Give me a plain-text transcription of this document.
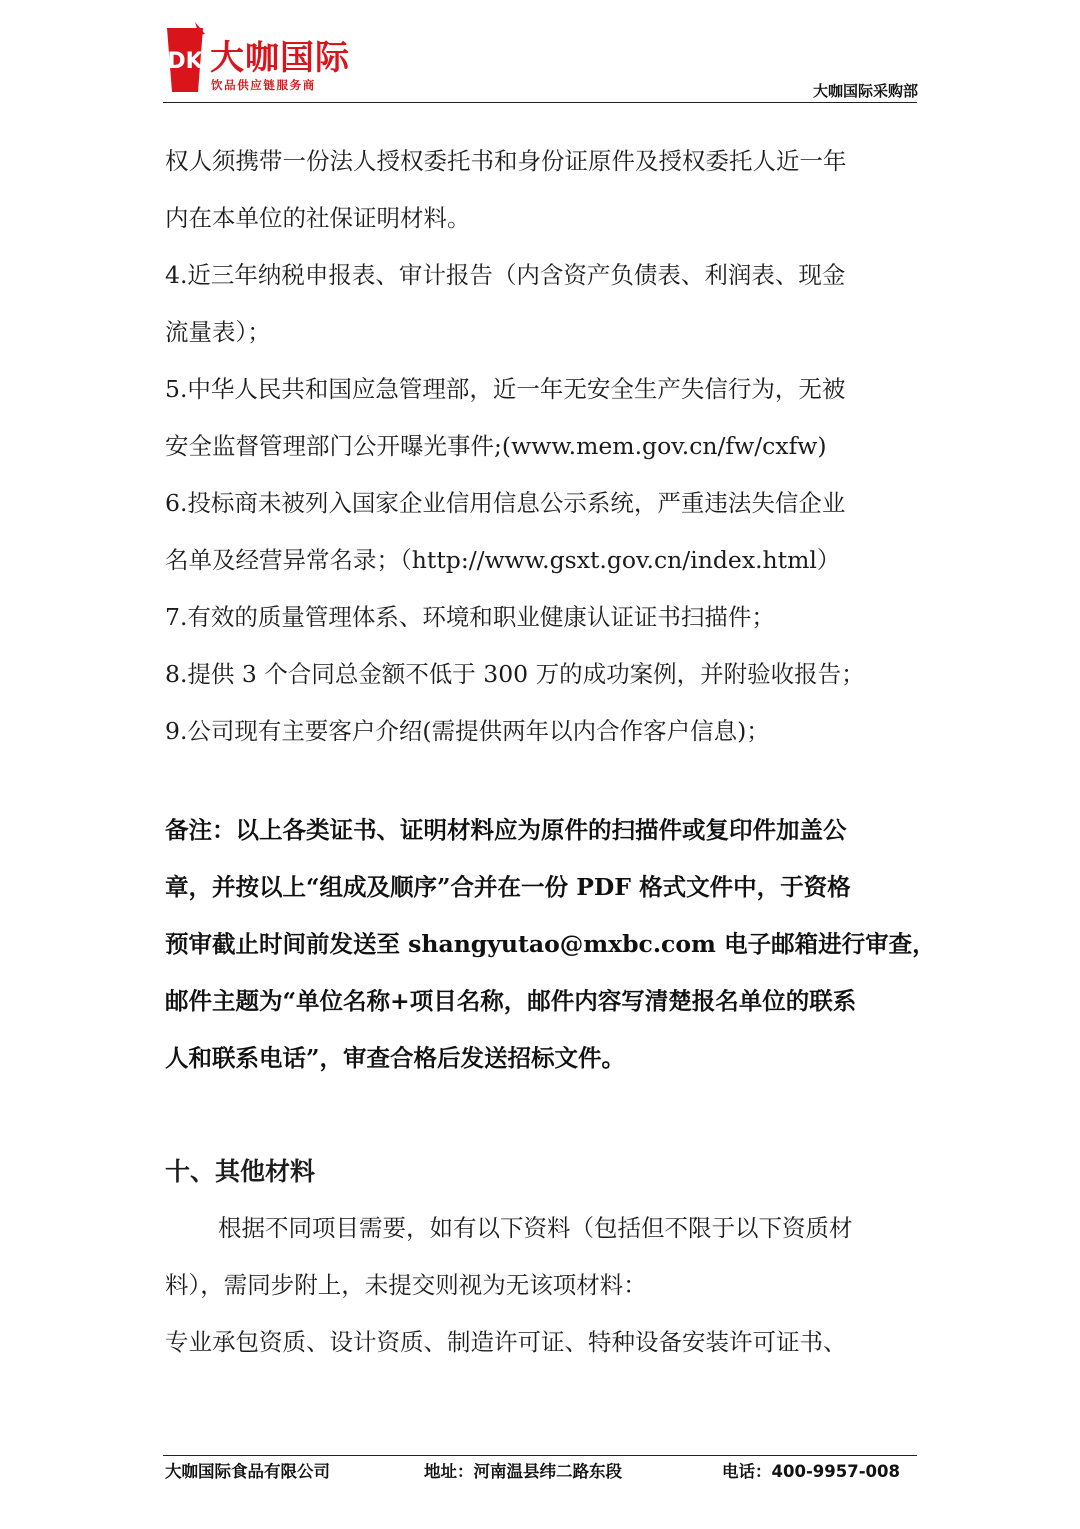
DK 大咖国际
饮品供应链服务商	大咖国际采购部
权人须携带一份法人授权委托书和身份证原件及授权委托人近一年
内在本单位的社保证明材料。
4.近三年纳税申报表、审计报告（内含资产负债表、利润表、现金
流量表）；
5.中华人民共和国应急管理部，近一年无安全生产失信行为，无被
安全监督管理部门公开曝光事件;(www.mem.gov.cn/fw/cxfw)
6.投标商未被列入国家企业信用信息公示系统，严重违法失信企业
名单及经营异常名录；（http://www.gsxt.gov.cn/index.html）
7.有效的质量管理体系、环境和职业健康认证证书扫描件；
8.提供 3 个合同总金额不低于 300 万的成功案例，并附验收报告；
9.公司现有主要客户介绍(需提供两年以内合作客户信息)；
备注：以上各类证书、证明材料应为原件的扫描件或复印件加盖公
章，并按以上“组成及顺序”合并在一份 PDF 格式文件中，于资格
预审截止时间前发送至 shangyutao@mxbc.com 电子邮箱进行审查，
邮件主题为“单位名称+项目名称，邮件内容写清楚报名单位的联系
人和联系电话”，审查合格后发送招标文件。
十、其他材料
根据不同项目需要，如有以下资料（包括但不限于以下资质材
料），需同步附上，未提交则视为无该项材料：
专业承包资质、设计资质、制造许可证、特种设备安装许可证书、
大咖国际食品有限公司	地址：河南温县纬二路东段	电话：400-9957-008
